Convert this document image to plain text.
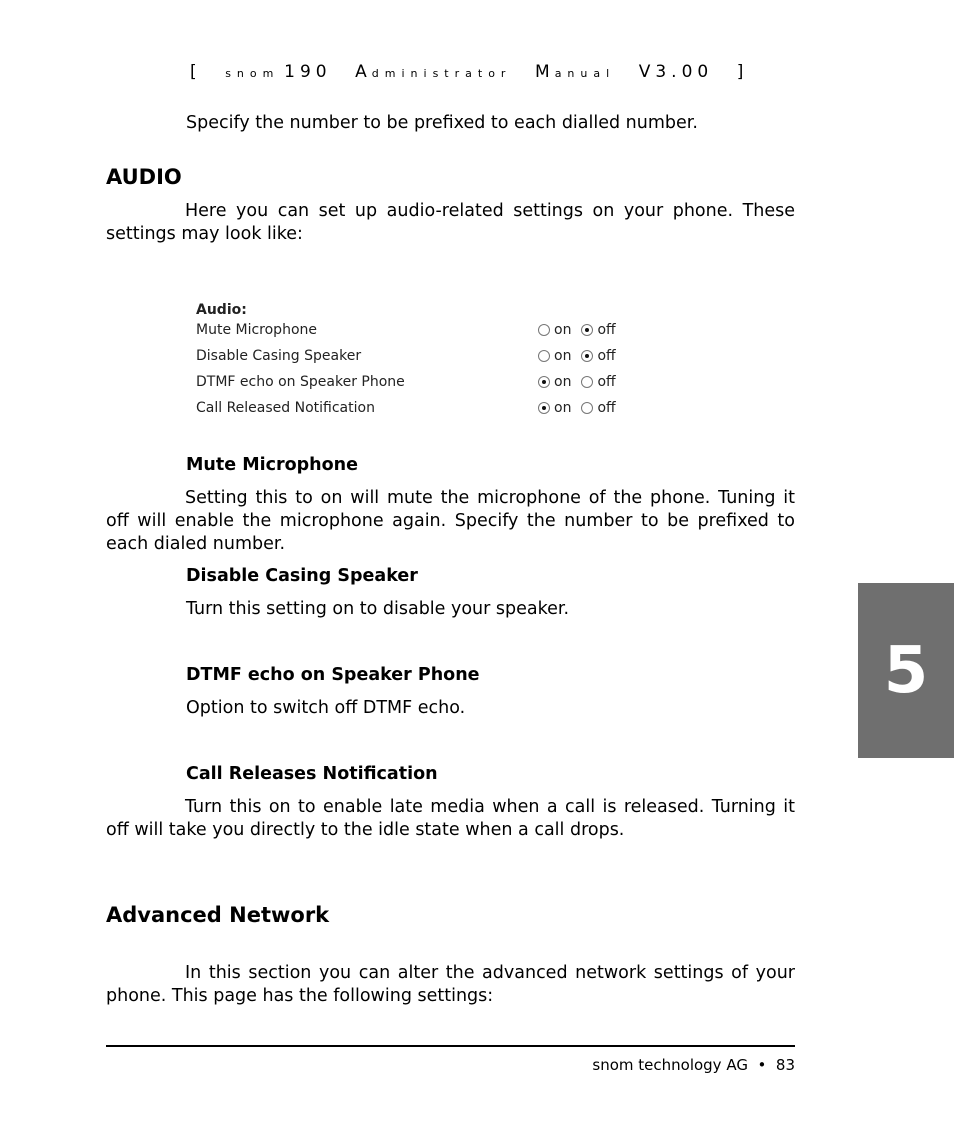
[ snom 190 Administrator Manual V3.00 ]
Specify the number to be prefixed to each dialled number.
AUDIO
Here you can set up audio-related settings on your phone. These settings may look like:
Audio:
Mute Microphone	on off
Disable Casing Speaker	on off
DTMF echo on Speaker Phone	on off
Call Released Notification	on off
Mute Microphone
Setting this to on will mute the microphone of the phone. Tuning it off will enable the microphone again. Specify the number to be prefixed to each dialed number.
Disable Casing Speaker
Turn this setting on to disable your speaker.
DTMF echo on Speaker Phone
Option to switch off DTMF echo.
Call Releases Notification
Turn this on to enable late media when a call is released. Turning it off will take you directly to the idle state when a call drops.
Advanced Network
In this section you can alter the advanced network settings of your phone. This page has the following settings:
5
snom technology AG • 83
